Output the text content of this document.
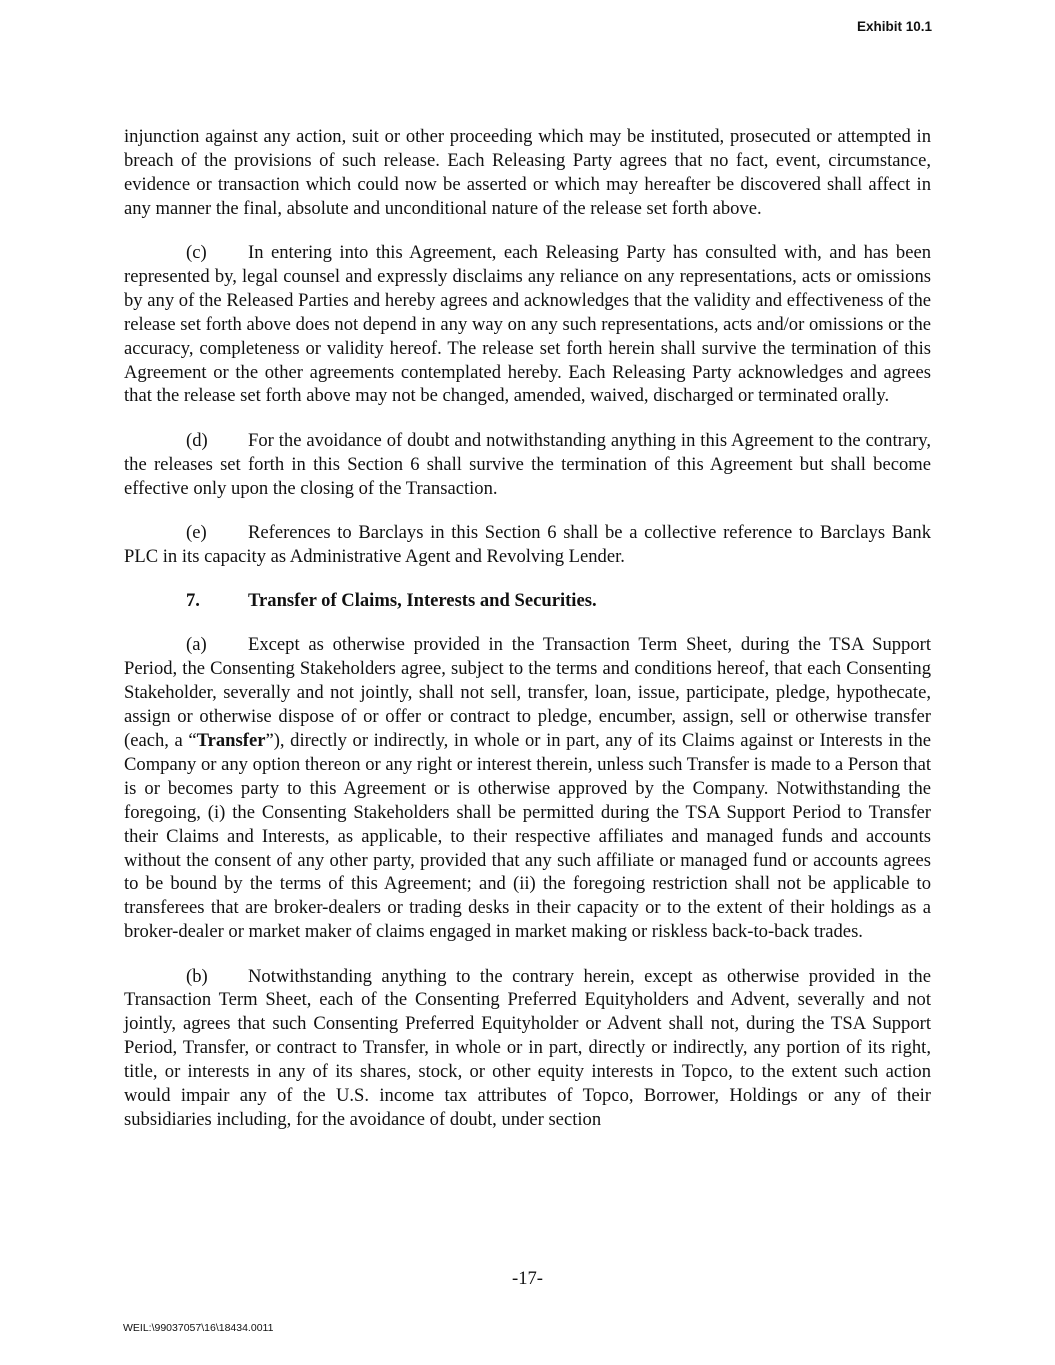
Exhibit 10.1

injunction against any action, suit or other proceeding which may be instituted, prosecuted or attempted in breach of the provisions of such release. Each Releasing Party agrees that no fact, event, circumstance, evidence or transaction which could now be asserted or which may hereafter be discovered shall affect in any manner the final, absolute and unconditional nature of the release set forth above.

(c) In entering into this Agreement, each Releasing Party has consulted with, and has been represented by, legal counsel and expressly disclaims any reliance on any representations, acts or omissions by any of the Released Parties and hereby agrees and acknowledges that the validity and effectiveness of the release set forth above does not depend in any way on any such representations, acts and/or omissions or the accuracy, completeness or validity hereof. The release set forth herein shall survive the termination of this Agreement or the other agreements contemplated hereby. Each Releasing Party acknowledges and agrees that the release set forth above may not be changed, amended, waived, discharged or terminated orally.

(d) For the avoidance of doubt and notwithstanding anything in this Agreement to the contrary, the releases set forth in this Section 6 shall survive the termination of this Agreement but shall become effective only upon the closing of the Transaction.

(e) References to Barclays in this Section 6 shall be a collective reference to Barclays Bank PLC in its capacity as Administrative Agent and Revolving Lender.

7.	Transfer of Claims, Interests and Securities.

(a) Except as otherwise provided in the Transaction Term Sheet, during the TSA Support Period, the Consenting Stakeholders agree, subject to the terms and conditions hereof, that each Consenting Stakeholder, severally and not jointly, shall not sell, transfer, loan, issue, participate, pledge, hypothecate, assign or otherwise dispose of or offer or contract to pledge, encumber, assign, sell or otherwise transfer (each, a “Transfer”), directly or indirectly, in whole or in part, any of its Claims against or Interests in the Company or any option thereon or any right or interest therein, unless such Transfer is made to a Person that is or becomes party to this Agreement or is otherwise approved by the Company. Notwithstanding the foregoing, (i) the Consenting Stakeholders shall be permitted during the TSA Support Period to Transfer their Claims and Interests, as applicable, to their respective affiliates and managed funds and accounts without the consent of any other party, provided that any such affiliate or managed fund or accounts agrees to be bound by the terms of this Agreement; and (ii) the foregoing restriction shall not be applicable to transferees that are broker-dealers or trading desks in their capacity or to the extent of their holdings as a broker-dealer or market maker of claims engaged in market making or riskless back-to-back trades.

(b) Notwithstanding anything to the contrary herein, except as otherwise provided in the Transaction Term Sheet, each of the Consenting Preferred Equityholders and Advent, severally and not jointly, agrees that such Consenting Preferred Equityholder or Advent shall not, during the TSA Support Period, Transfer, or contract to Transfer, in whole or in part, directly or indirectly, any portion of its right, title, or interests in any of its shares, stock, or other equity interests in Topco, to the extent such action would impair any of the U.S. income tax attributes of Topco, Borrower, Holdings or any of their subsidiaries including, for the avoidance of doubt, under section

-17-
WEIL:\99037057\16\18434.0011
